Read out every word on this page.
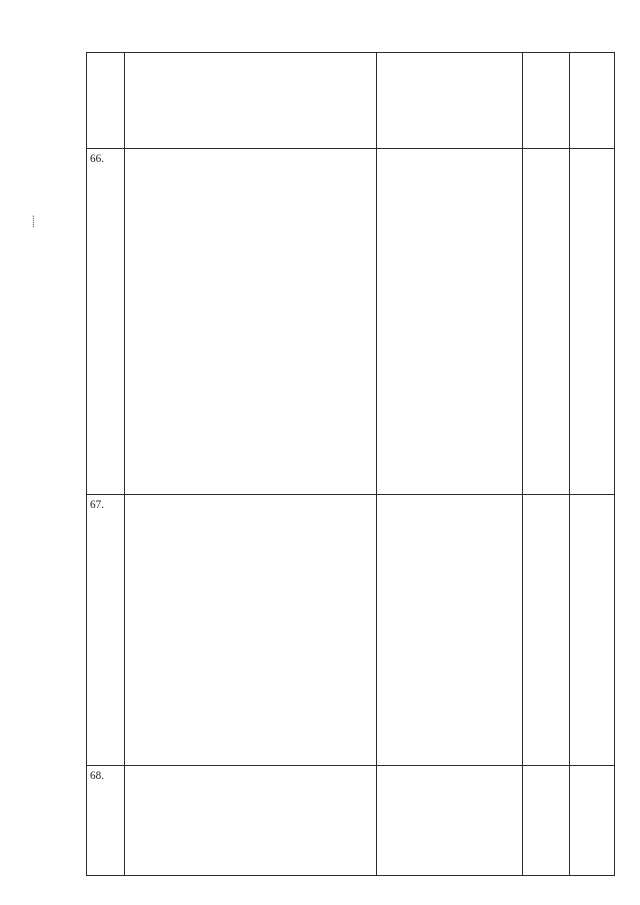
⸽

66.				
67.				
68.				
